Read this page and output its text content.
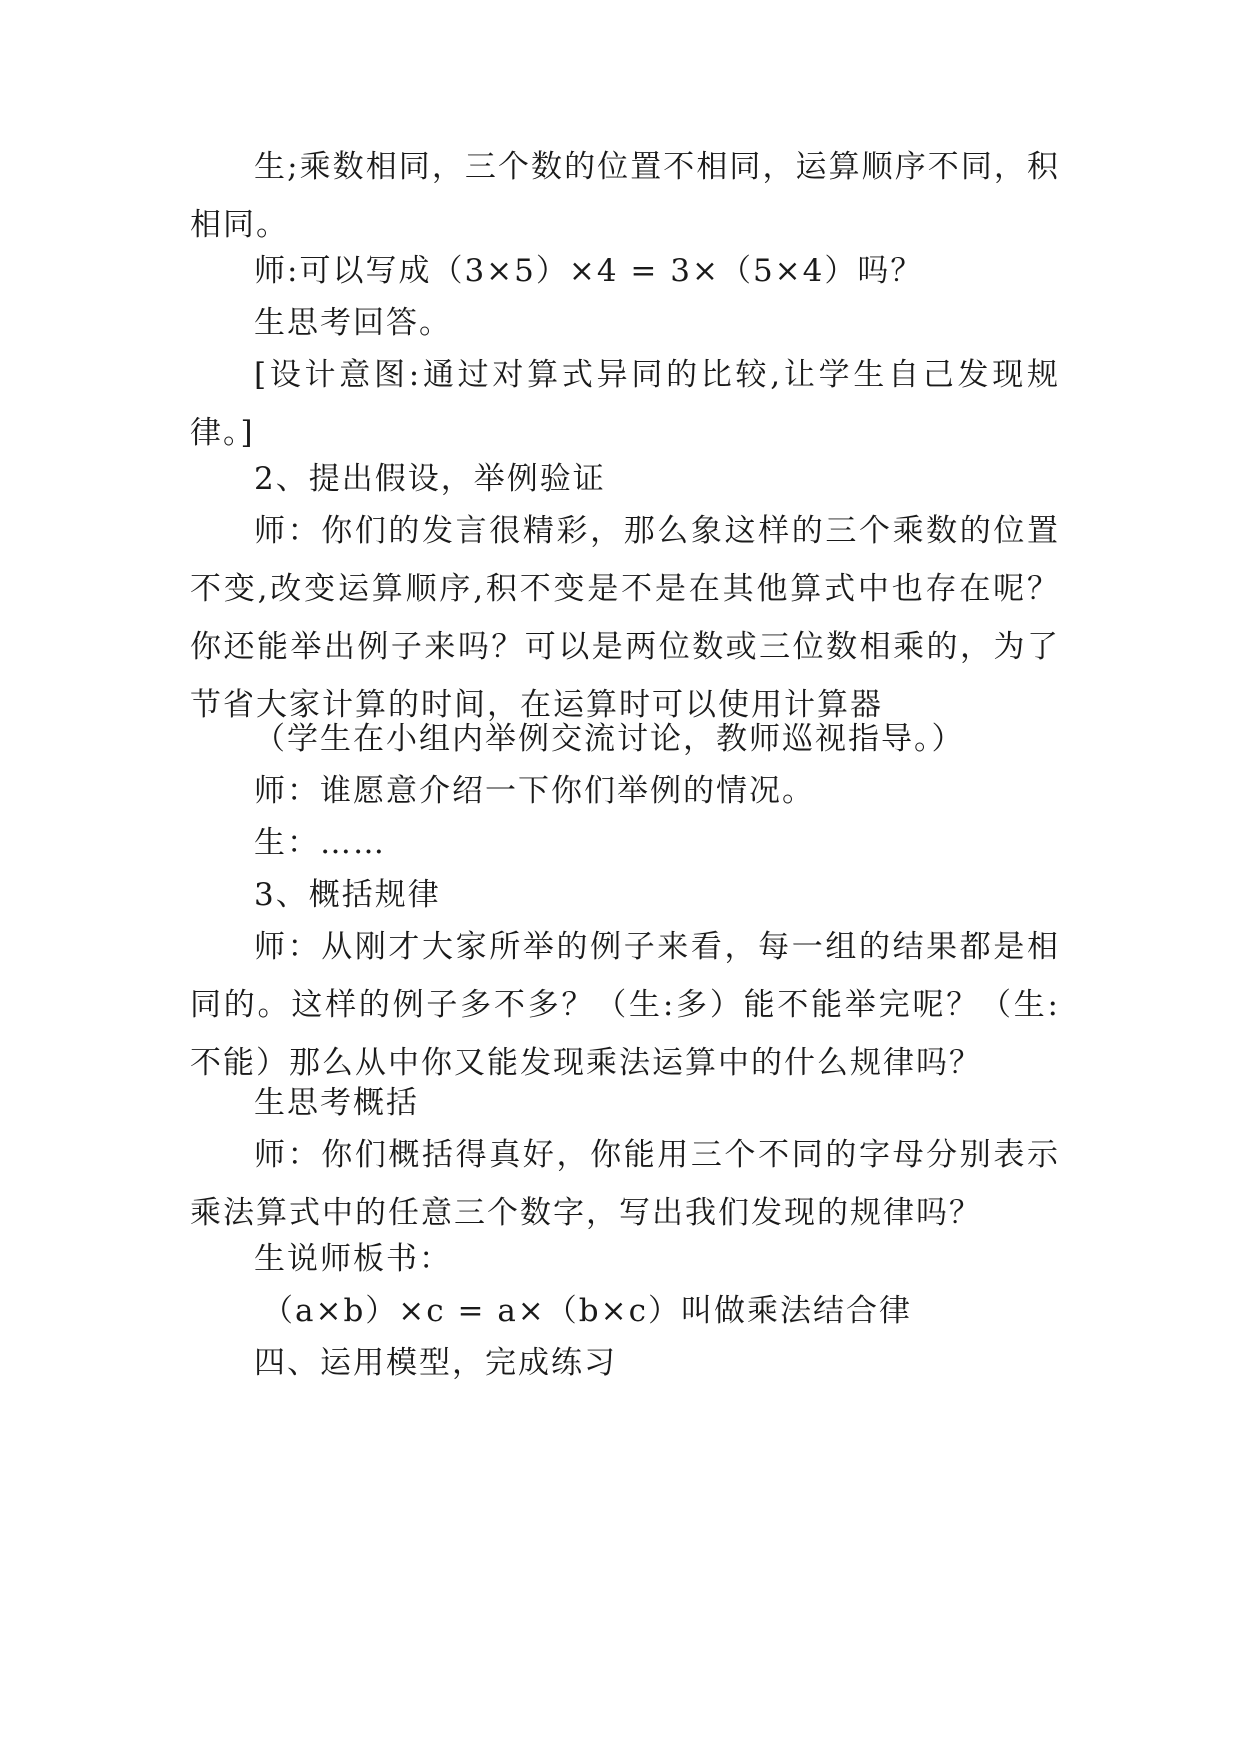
生;乘数相同，三个数的位置不相同，运算顺序不同，积相同。

师:可以写成（3×5）×4 = 3×（5×4）吗？

生思考回答。

[设计意图:通过对算式异同的比较,让学生自己发现规律。]

2、提出假设，举例验证

师：你们的发言很精彩，那么象这样的三个乘数的位置不变,改变运算顺序,积不变是不是在其他算式中也存在呢？你还能举出例子来吗？可以是两位数或三位数相乘的，为了节省大家计算的时间，在运算时可以使用计算器

（学生在小组内举例交流讨论，教师巡视指导。）

师：谁愿意介绍一下你们举例的情况。

生：……

3、概括规律

师：从刚才大家所举的例子来看，每一组的结果都是相同的。这样的例子多不多？（生:多）能不能举完呢？（生:不能）那么从中你又能发现乘法运算中的什么规律吗？

生思考概括

师：你们概括得真好，你能用三个不同的字母分别表示乘法算式中的任意三个数字，写出我们发现的规律吗？

生说师板书：

（a×b）×c = a×（b×c）叫做乘法结合律

四、运用模型，完成练习
